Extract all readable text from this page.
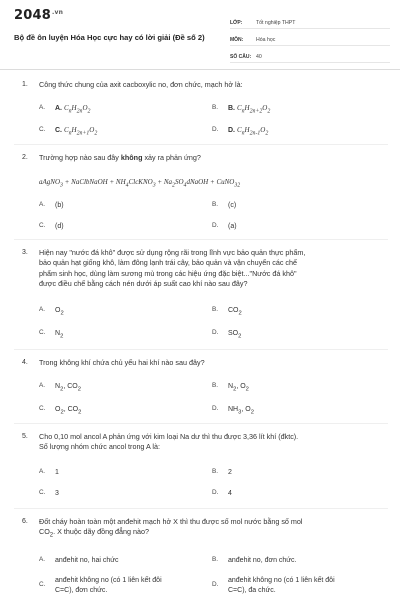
$2048^{.vn}$
Bộ đề ôn luyện Hóa Học cực hay có lời giải (Đề số 2)
LỚP:	Tốt nghiệp THPT
MÔN:	Hóa học
SỐ CÂU: 40
1. Công thức chung của axit cacboxylic no, đơn chức, mạch hở là:
A.	A. $C_nH_{2n}O_2$
B.	B. $C_nH_{2n+2}O_2$
C.	C. $C_nH_{2n+1}O_2$
D.	D. $C_nH_{2n-1}O_2$
2. Trường hợp nào sau đây không xảy ra phản ứng?
aAgNO$_3$ + NaClbNaOH + $NH_4ClcKNO_3$ + $Na_2SO_4dNaOH$ + CuNO$_{32}$
A.	(b)	B.	(c)
C.	(d)	D.	(a)
3. Hiện nay "nước đá khô" được sử dụng rộng rãi trong lĩnh vực bảo quản thực phẩm,
bảo quản hạt giống khô, làm đông lạnh trái cây, bảo quản và vận chuyển các chế
phẩm sinh học, dùng làm sương mù trong các hiệu ứng đặc biệt..."Nước đá khô"
được điều chế bằng cách nén dưới áp suất cao khí nào sau đây?
A.	$O_2$
B.	$CO_2$
C.	$N_2$
D.	$SO_2$
4. Trong không khí chứa chủ yếu hai khí nào sau đây?
A.	$N_2$, $CO_2$
B.	$N_2$, $O_2$
C.	$O_2$, $CO_2$
D.	$NH_3$, $O_2$
5. Cho 0,10 mol ancol A phản ứng với kim loại Na dư thì thu được 3,36 lít khí (đktc).
Số lượng nhóm chức ancol trong A là:
A.	1	B.	2
C.	3	D.	4
6. Đốt cháy hoàn toàn một anđehit mạch hở X thì thu được số mol nước bằng số mol
$CO_2$. X thuộc dãy đồng đẳng nào?
A.	anđehit no, hai chức	B.	anđehit no, đơn chức.
C.
anđehit không no (có 1 liên kết đôi
C=C), đơn chức.
D.
anđehit không no (có 1 liên kết đôi
C=C), đa chức.
